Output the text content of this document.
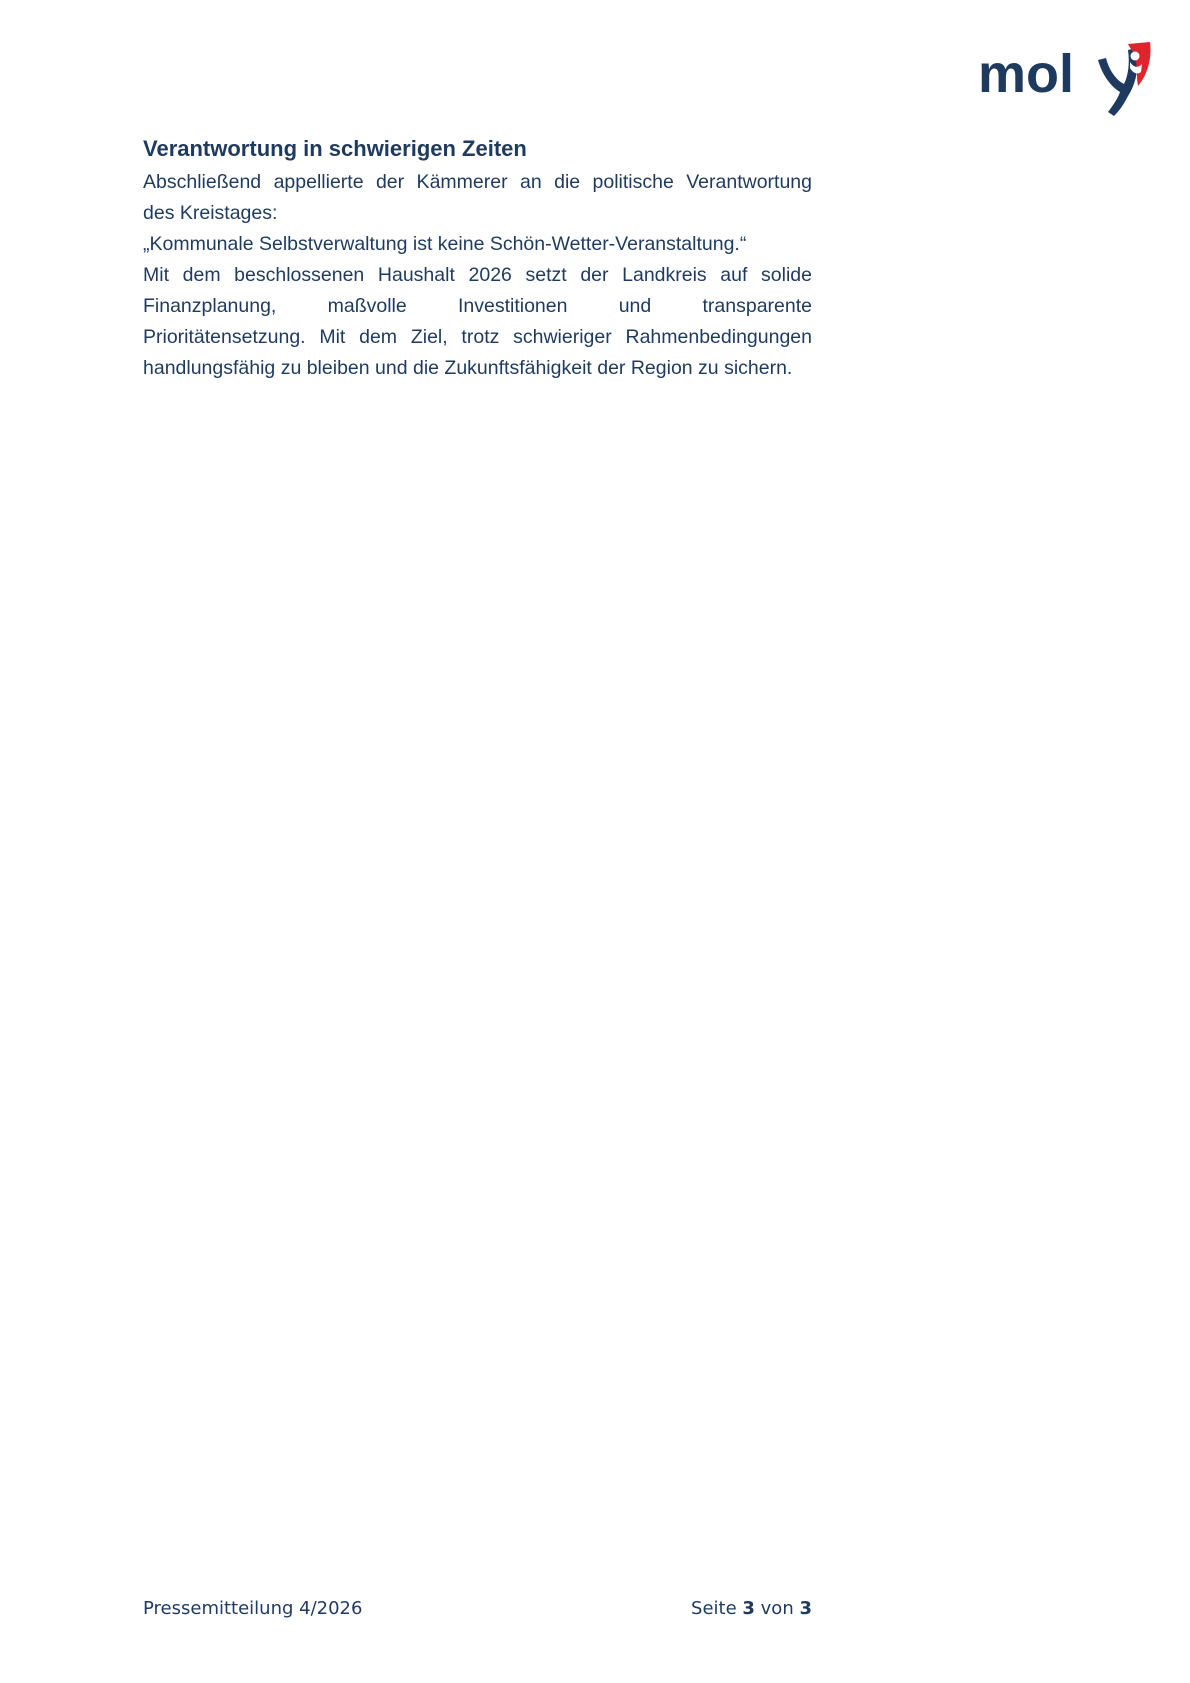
mol
Verantwortung in schwierigen Zeiten
Abschließend appellierte der Kämmerer an die politische Verantwortung
des Kreistages:
„Kommunale Selbstverwaltung ist keine Schön-Wetter-Veranstaltung.“
Mit dem beschlossenen Haushalt 2026 setzt der Landkreis auf solide
Finanzplanung, maßvolle Investitionen und transparente
Prioritätensetzung. Mit dem Ziel, trotz schwieriger Rahmenbedingungen
handlungsfähig zu bleiben und die Zukunftsfähigkeit der Region zu sichern.
Pressemitteilung 4/2026	Seite 3 von 3
